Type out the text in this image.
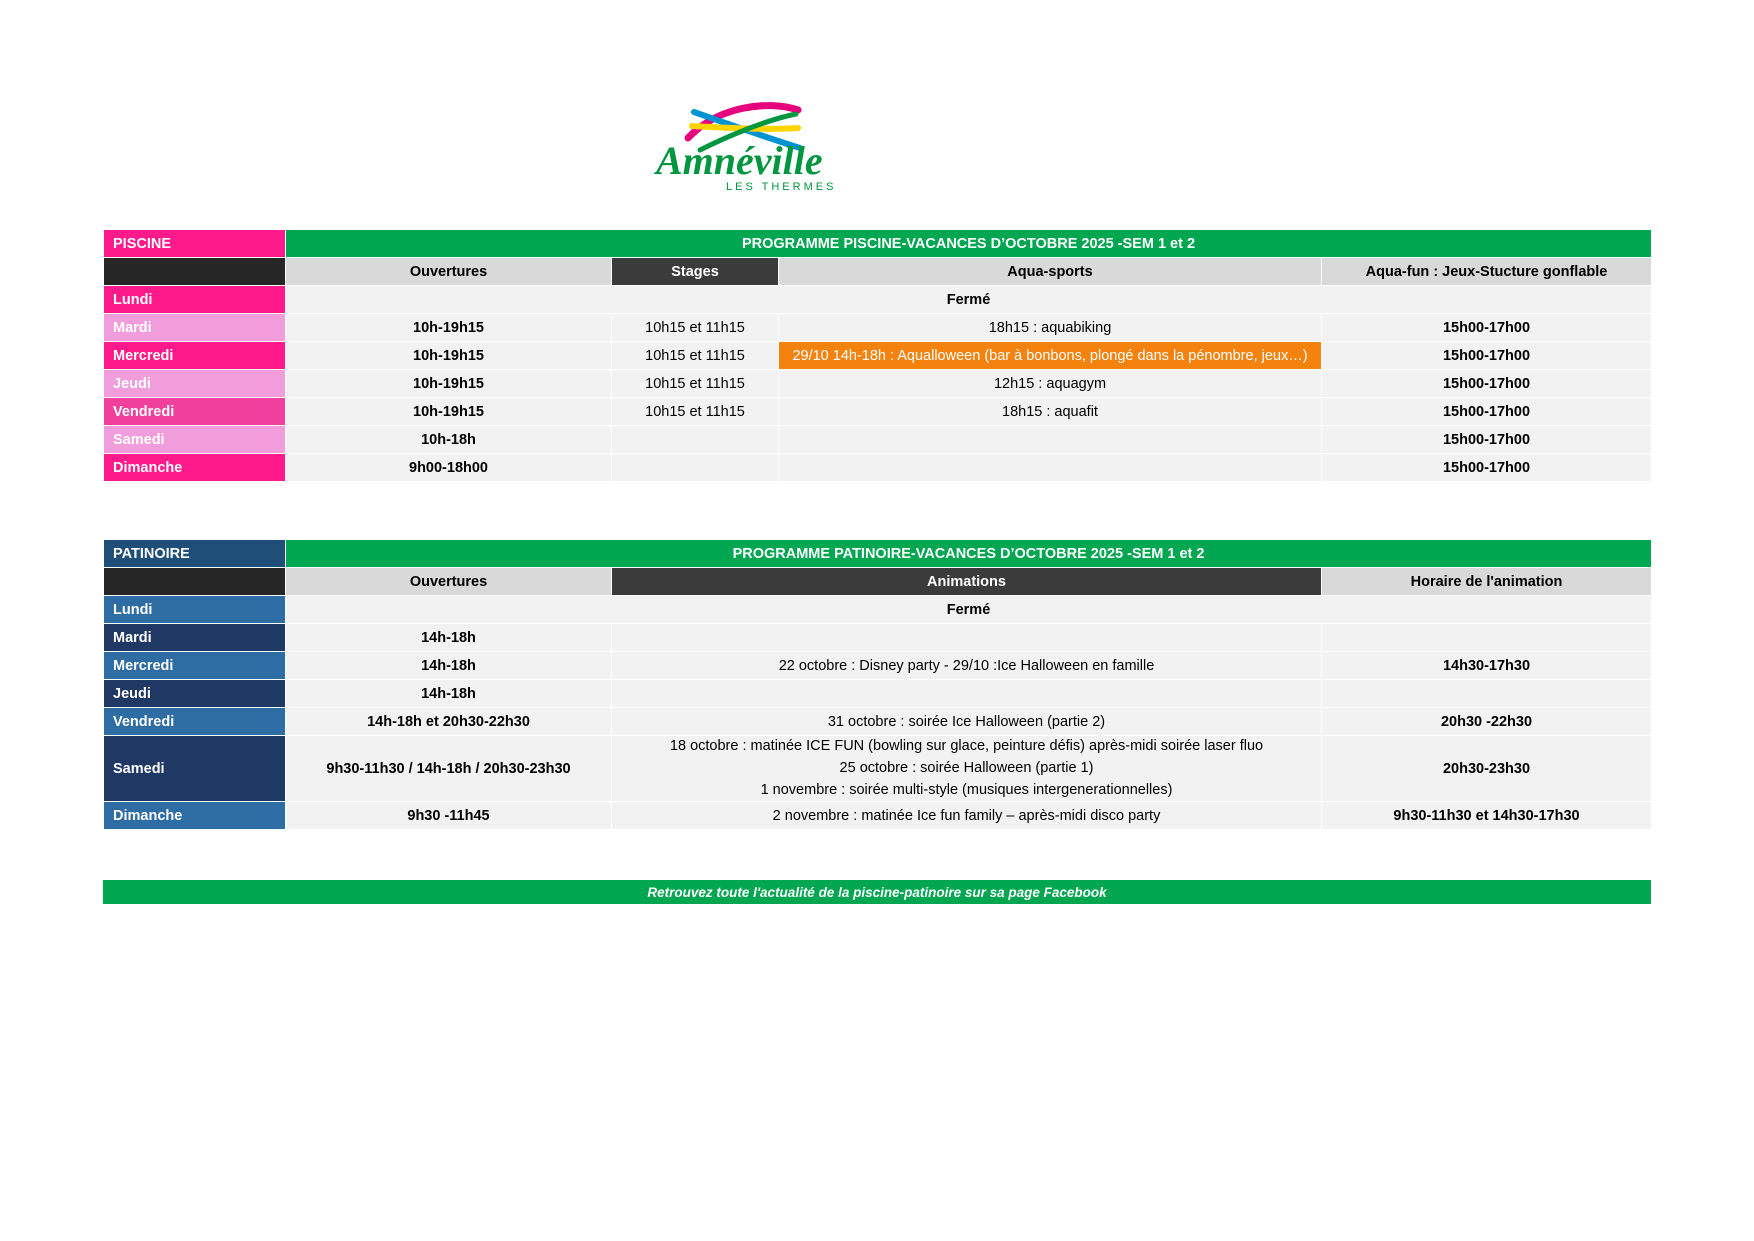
Amnéville
LES THERMES
PISCINE	PROGRAMME PISCINE-VACANCES D’OCTOBRE 2025 -SEM 1 et 2			
	Ouvertures	Stages	Aqua-sports	Aqua-fun : Jeux-Stucture gonflable
Lundi	Fermé			
Mardi	10h-19h15	10h15 et 11h15	18h15 : aquabiking	15h00-17h00
Mercredi	10h-19h15	10h15 et 11h15	29/10 14h-18h : Aqualloween (bar à bonbons, plongé dans la pénombre, jeux…)	15h00-17h00
Jeudi	10h-19h15	10h15 et 11h15	12h15 : aquagym	15h00-17h00
Vendredi	10h-19h15	10h15 et 11h15	18h15 : aquafit	15h00-17h00
Samedi	10h-18h			15h00-17h00
Dimanche	9h00-18h00			15h00-17h00
PATINOIRE	PROGRAMME PATINOIRE-VACANCES D’OCTOBRE 2025 -SEM 1 et 2		
	Ouvertures	Animations	Horaire de l'animation
Lundi	Fermé		
Mardi	14h-18h		
Mercredi	14h-18h	22 octobre : Disney party - 29/10 :Ice Halloween en famille	14h30-17h30
Jeudi	14h-18h		
Vendredi	14h-18h et 20h30-22h30	31 octobre : soirée Ice Halloween (partie 2)	20h30 -22h30
Samedi	9h30-11h30 / 14h-18h / 20h30-23h30	18 octobre : matinée ICE FUN (bowling sur glace, peinture défis) après-midi soirée laser fluo
25 octobre : soirée Halloween (partie 1)
1 novembre : soirée multi-style (musiques intergenerationnelles)	20h30-23h30
Dimanche	9h30 -11h45	2 novembre : matinée Ice fun family – après-midi disco party	9h30-11h30 et 14h30-17h30
Retrouvez toute l'actualité de la piscine-patinoire sur sa page Facebook
